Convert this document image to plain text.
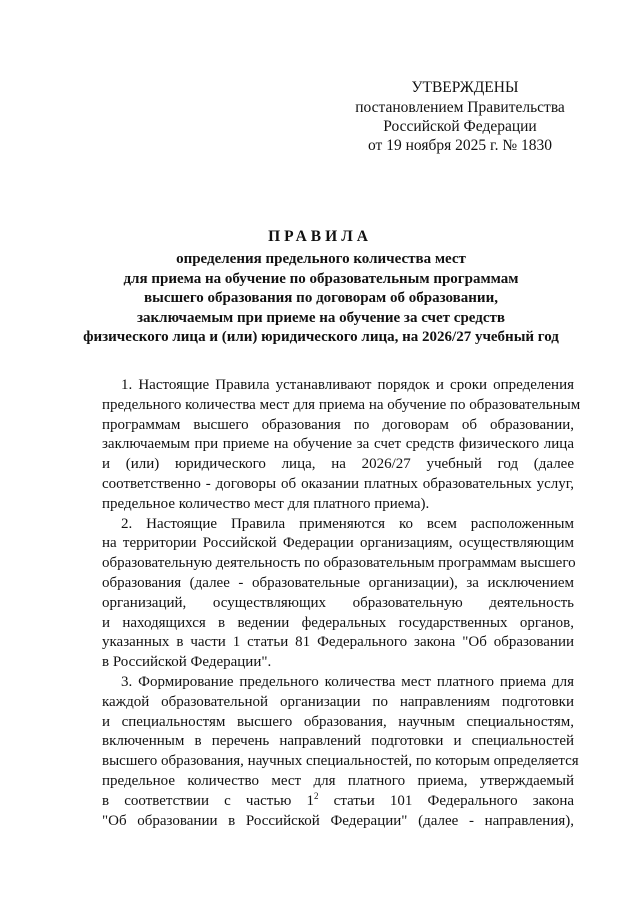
УТВЕРЖДЕНЫ
постановлением Правительства
Российской Федерации
от 19 ноября 2025 г. № 1830
ПРАВИЛА
определения предельного количества мест
для приема на обучение по образовательным программам
высшего образования по договорам об образовании,
заключаемым при приеме на обучение за счет средств
физического лица и (или) юридического лица, на 2026/27 учебный год
1. Настоящие Правила устанавливают порядок и сроки определения
предельного количества мест для приема на обучение по образовательным
программам высшего образования по договорам об образовании,
заключаемым при приеме на обучение за счет средств физического лица
и (или) юридического лица, на 2026/27 учебный год (далее
соответственно - договоры об оказании платных образовательных услуг,
предельное количество мест для платного приема).
2. Настоящие Правила применяются ко всем расположенным
на территории Российской Федерации организациям, осуществляющим
образовательную деятельность по образовательным программам высшего
образования (далее - образовательные организации), за исключением
организаций, осуществляющих образовательную деятельность
и находящихся в ведении федеральных государственных органов,
указанных в части 1 статьи 81 Федерального закона "Об образовании
в Российской Федерации".
3. Формирование предельного количества мест платного приема для
каждой образовательной организации по направлениям подготовки
и специальностям высшего образования, научным специальностям,
включенным в перечень направлений подготовки и специальностей
высшего образования, научных специальностей, по которым определяется
предельное количество мест для платного приема, утверждаемый
в соответствии с частью $1^2$ статьи 101 Федерального закона
"Об образовании в Российской Федерации" (далее - направления),
